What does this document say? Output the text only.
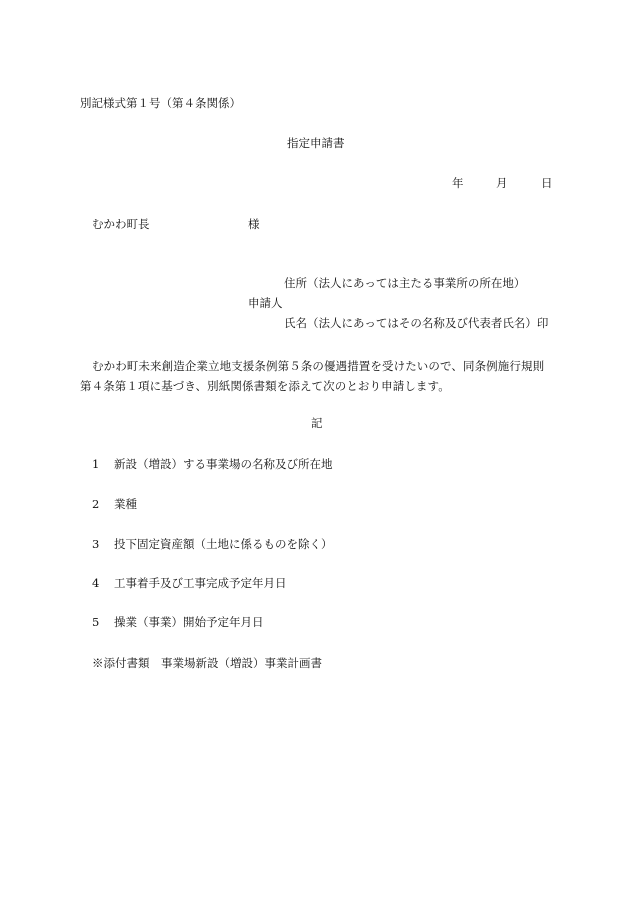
別記様式第１号（第４条関係）
指定申請書
年	月	日
むかわ町長	様
住所（法人にあっては主たる事業所の所在地）
申請人
氏名（法人にあってはその名称及び代表者氏名）印
むかわ町未来創造企業立地支援条例第５条の優遇措置を受けたいので、同条例施行規則第４条第１項に基づき、別紙関係書類を添えて次のとおり申請します。
記
1 新設（増設）する事業場の名称及び所在地
2 業種
3 投下固定資産額（土地に係るものを除く）
4 工事着手及び工事完成予定年月日
5 操業（事業）開始予定年月日
※添付書類　事業場新設（増設）事業計画書
